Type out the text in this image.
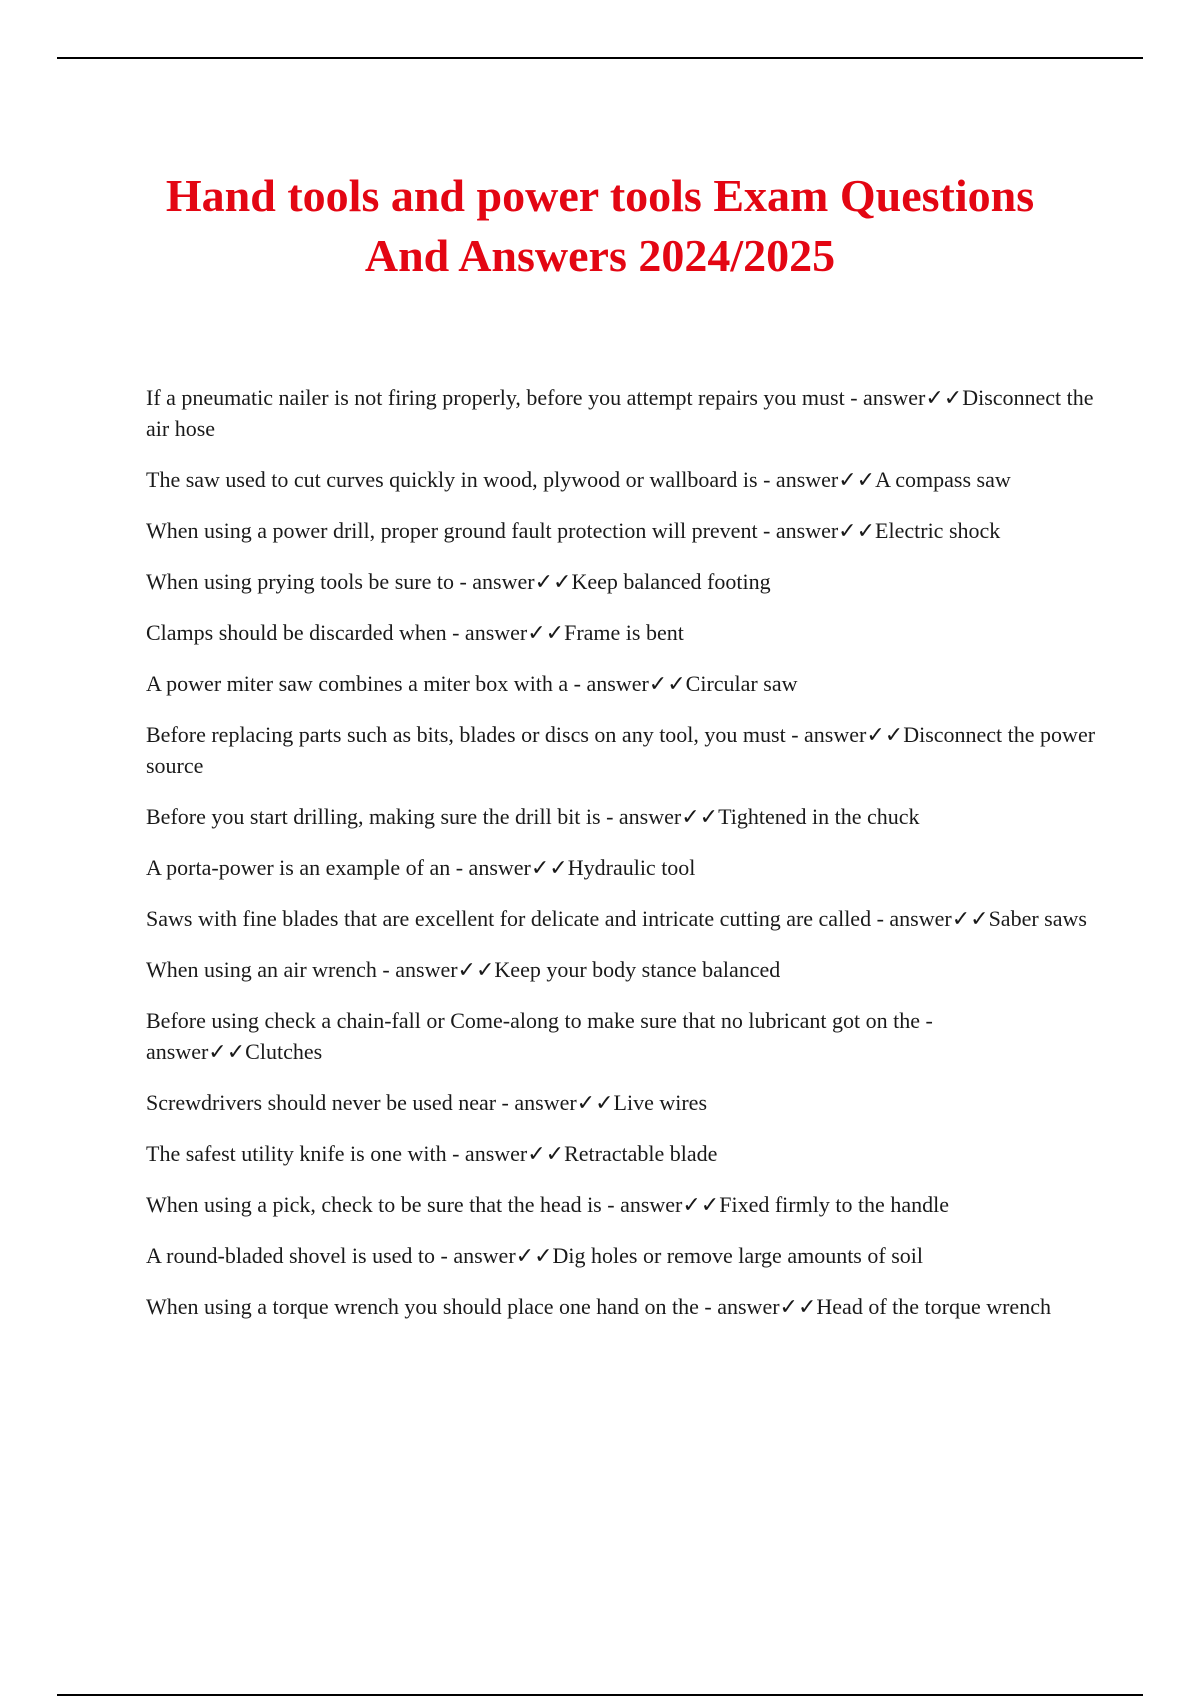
Hand tools and power tools Exam Questions
And Answers 2024/2025
If a pneumatic nailer is not firing properly, before you attempt repairs you must - answer✓✓Disconnect the air hose
The saw used to cut curves quickly in wood, plywood or wallboard is - answer✓✓A compass saw
When using a power drill, proper ground fault protection will prevent - answer✓✓Electric shock
When using prying tools be sure to - answer✓✓Keep balanced footing
Clamps should be discarded when - answer✓✓Frame is bent
A power miter saw combines a miter box with a - answer✓✓Circular saw
Before replacing parts such as bits, blades or discs on any tool, you must - answer✓✓Disconnect the power source
Before you start drilling, making sure the drill bit is - answer✓✓Tightened in the chuck
A porta-power is an example of an - answer✓✓Hydraulic tool
Saws with fine blades that are excellent for delicate and intricate cutting are called - answer✓✓Saber saws
When using an air wrench - answer✓✓Keep your body stance balanced
Before using check a chain-fall or Come-along to make sure that no lubricant got on the - answer✓✓Clutches
Screwdrivers should never be used near - answer✓✓Live wires
The safest utility knife is one with - answer✓✓Retractable blade
When using a pick, check to be sure that the head is - answer✓✓Fixed firmly to the handle
A round-bladed shovel is used to - answer✓✓Dig holes or remove large amounts of soil
When using a torque wrench you should place one hand on the - answer✓✓Head of the torque wrench
